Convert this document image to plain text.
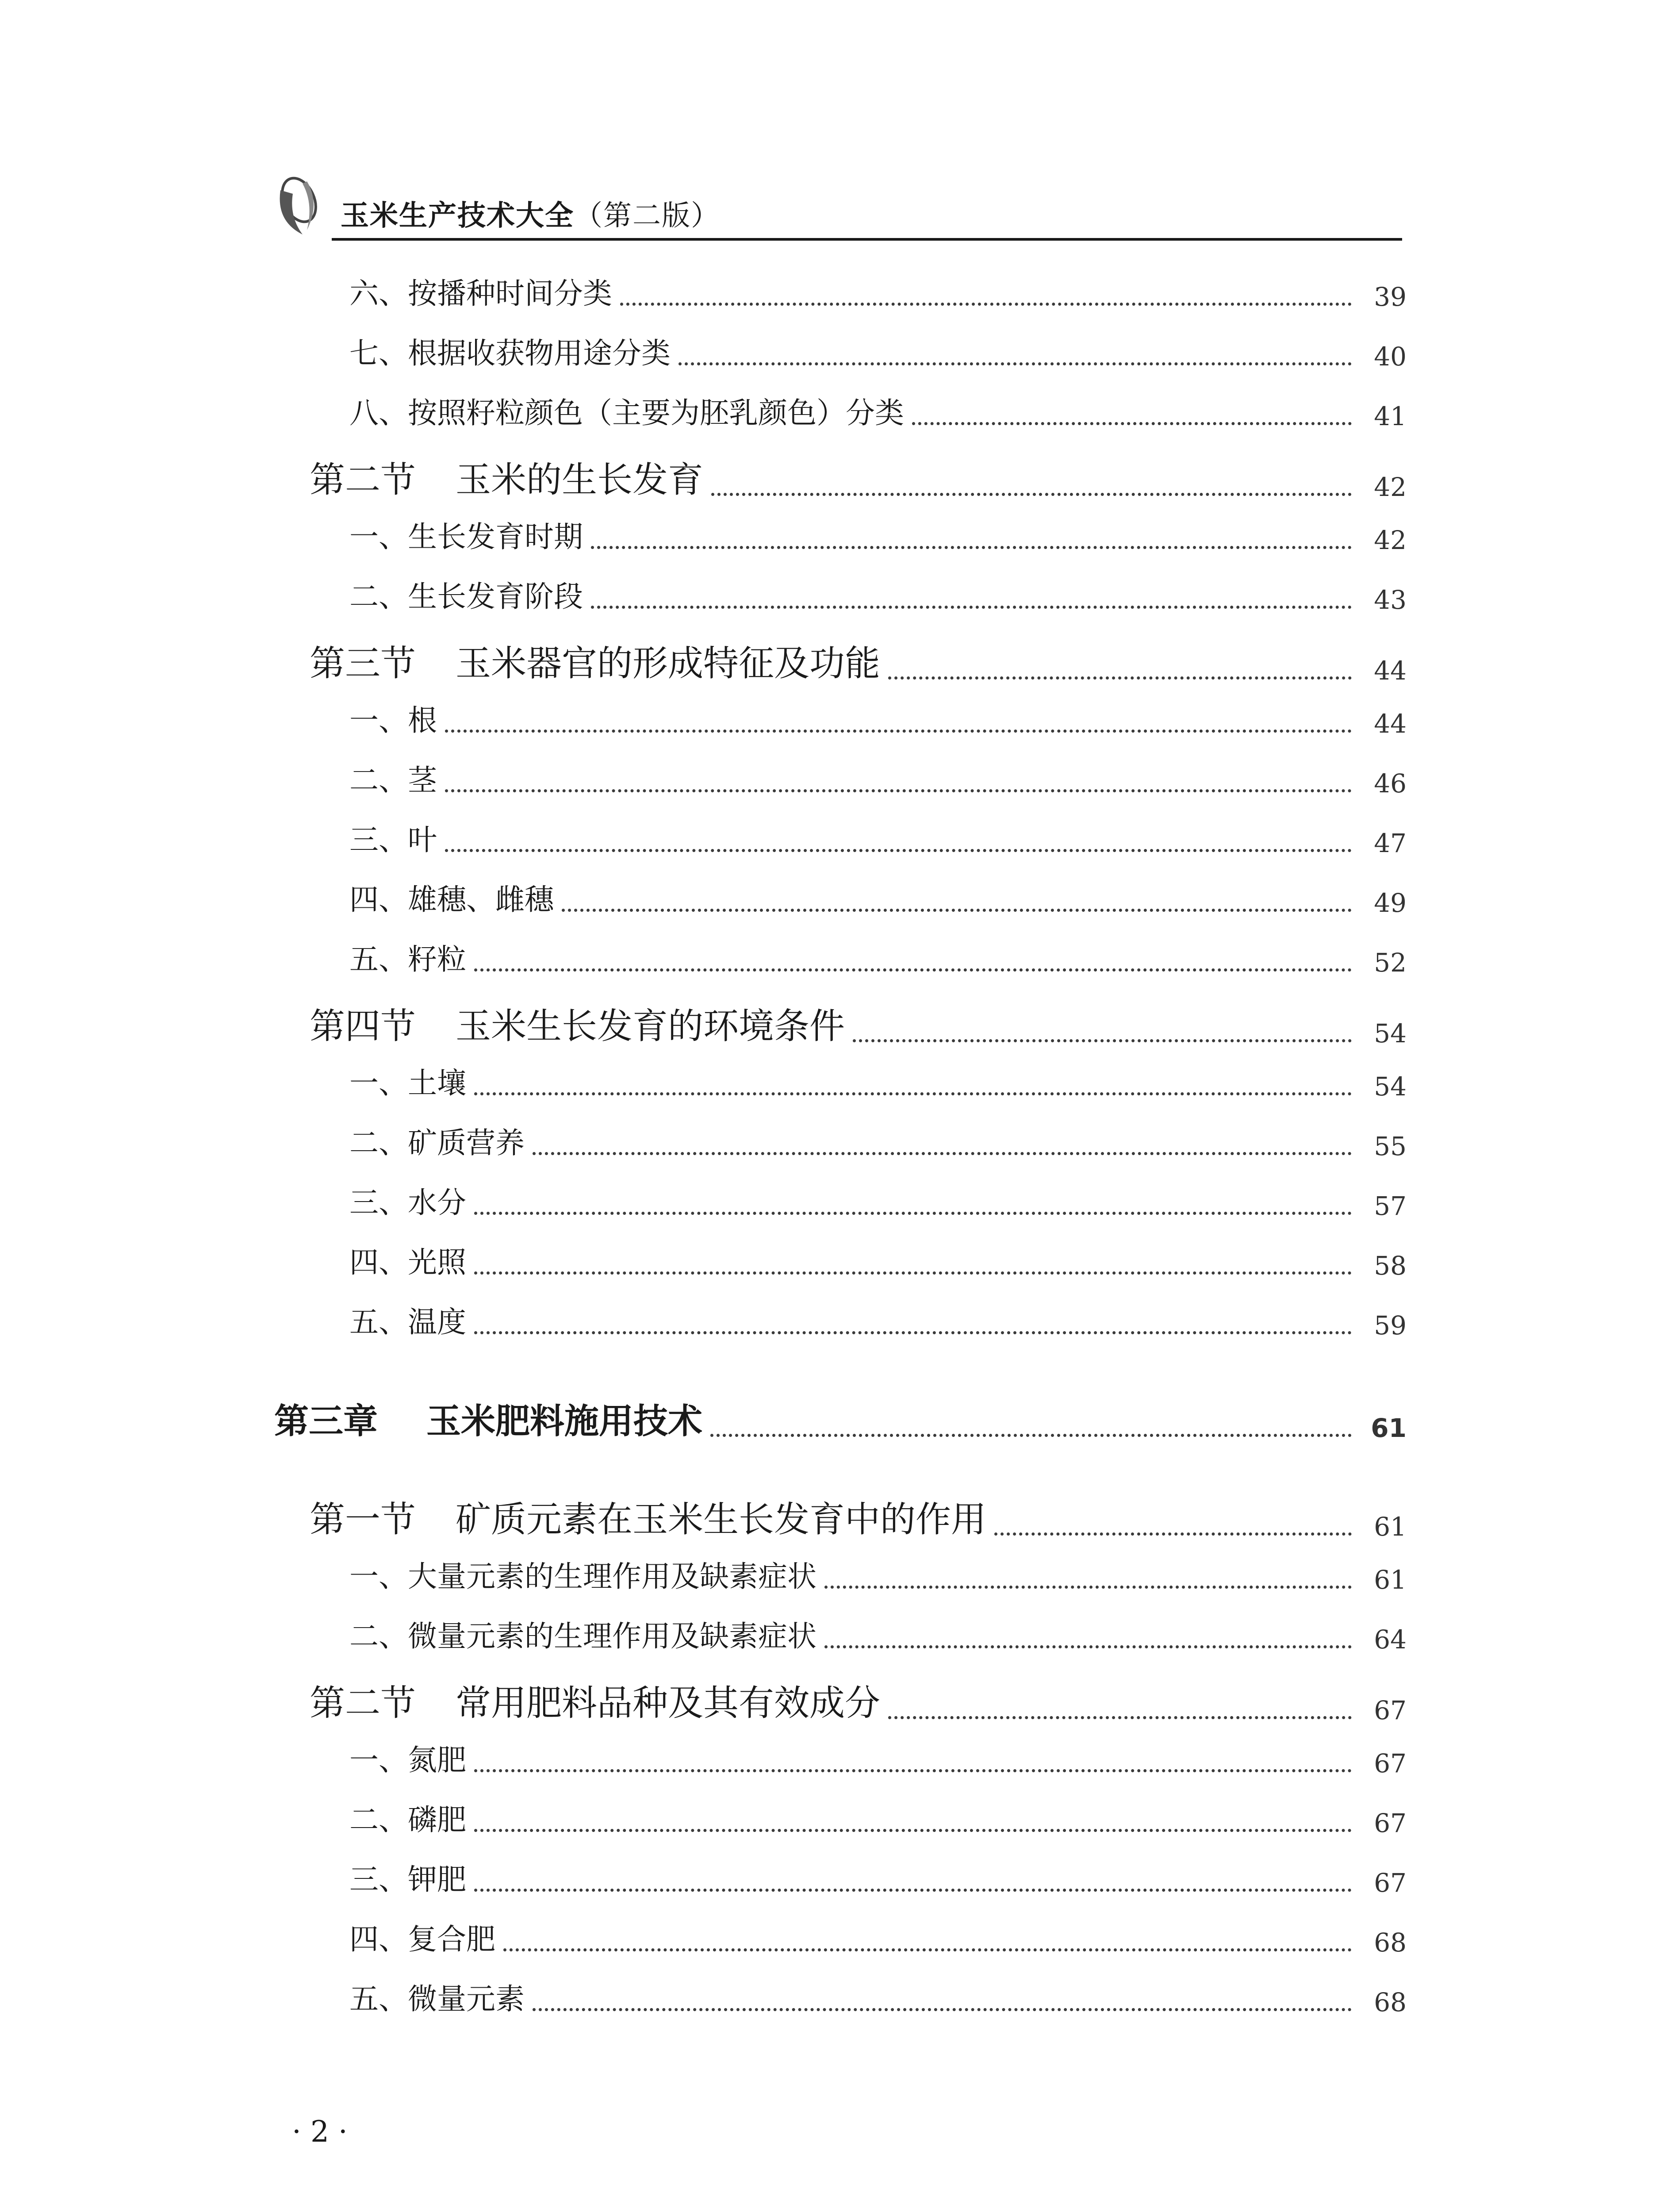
玉米生产技术大全（第二版）
六、按播种时间分类	39
七、根据收获物用途分类	40
八、按照籽粒颜色（主要为胚乳颜色）分类	41
第二节 玉米的生长发育	42
一、生长发育时期	42
二、生长发育阶段	43
第三节 玉米器官的形成特征及功能	44
一、根	44
二、茎	46
三、叶	47
四、雄穗、雌穗	49
五、籽粒	52
第四节 玉米生长发育的环境条件	54
一、土壤	54
二、矿质营养	55
三、水分	57
四、光照	58
五、温度	59
第三章 玉米肥料施用技术	61
第一节 矿质元素在玉米生长发育中的作用	61
一、大量元素的生理作用及缺素症状	61
二、微量元素的生理作用及缺素症状	64
第二节 常用肥料品种及其有效成分	67
一、氮肥	67
二、磷肥	67
三、钾肥	67
四、复合肥	68
五、微量元素	68
· 2 ·
